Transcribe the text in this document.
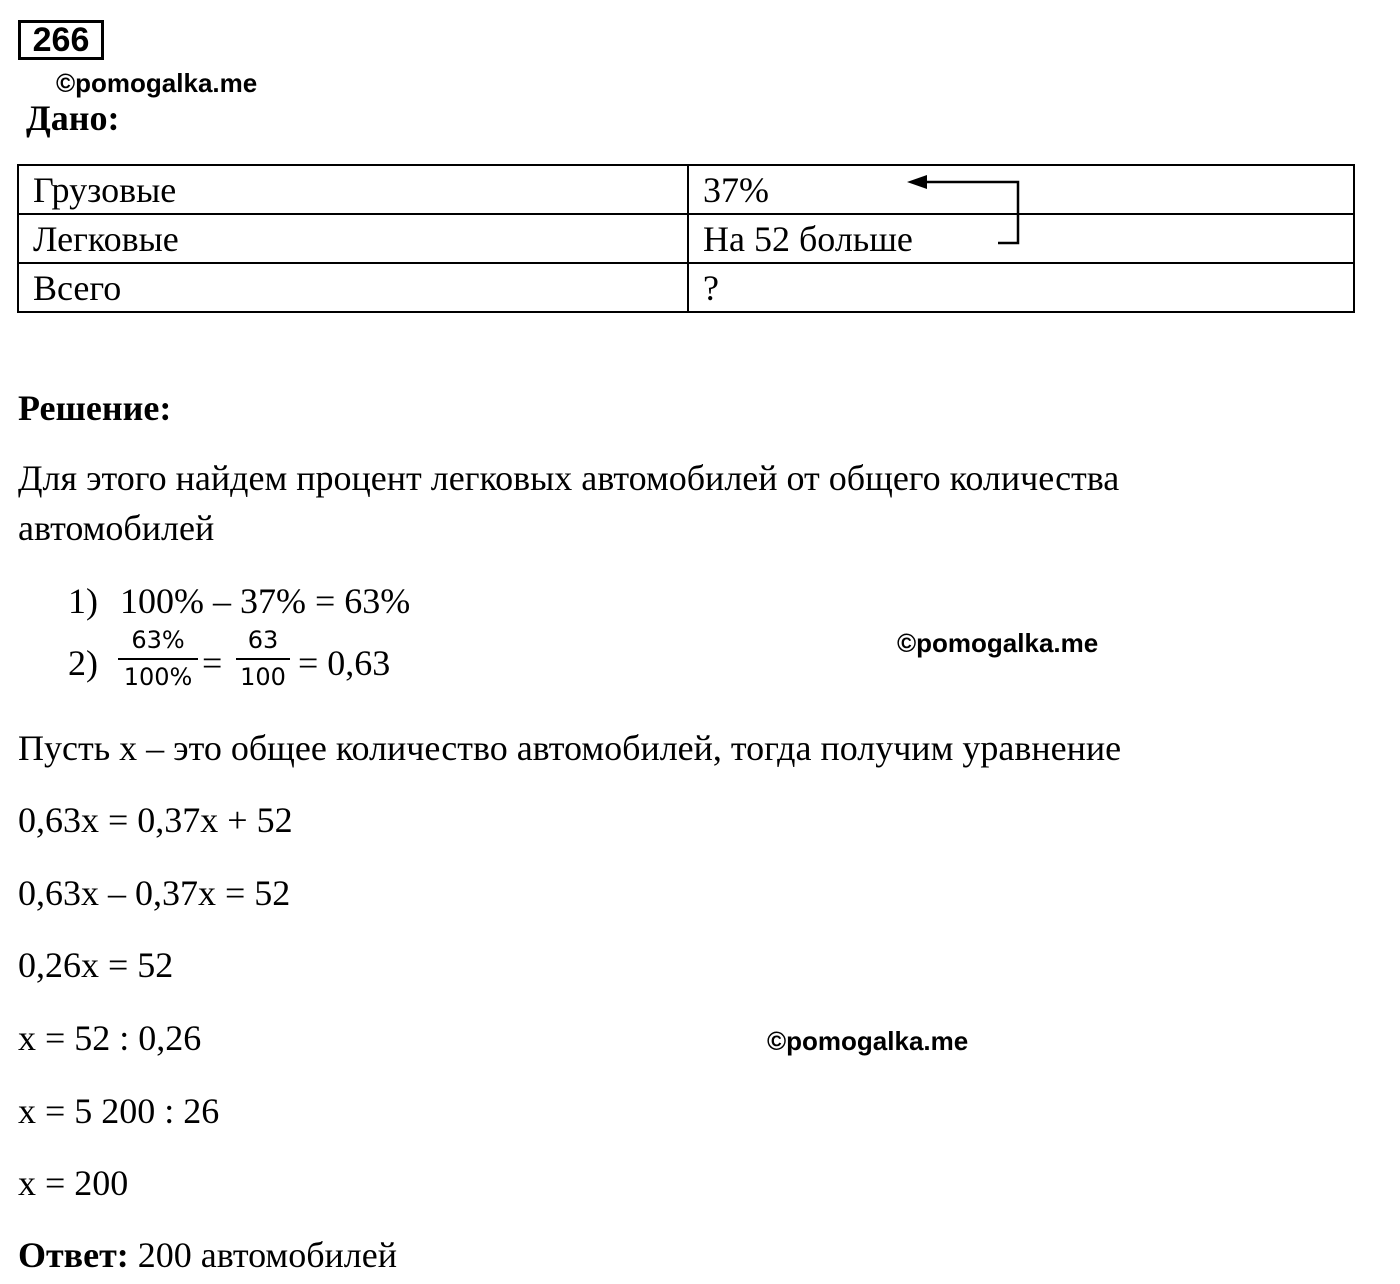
266
©pomogalka.me
Дано:
Грузовые	37%
Легковые	На 52 больше
Всего	?
Решение:
Для этого найдем процент легковых автомобилей от общего количества
автомобилей
1) 100% – 37% = 63%
2)
63%
100% =
63
100 = 0,63	©pomogalka.me
Пусть x – это общее количество автомобилей, тогда получим уравнение
0,63x = 0,37x + 52
0,63x – 0,37x = 52
0,26x = 52
x = 52 : 0,26
x = 5 200 : 26
x = 200
©pomogalka.me
Ответ: 200 автомобилей
